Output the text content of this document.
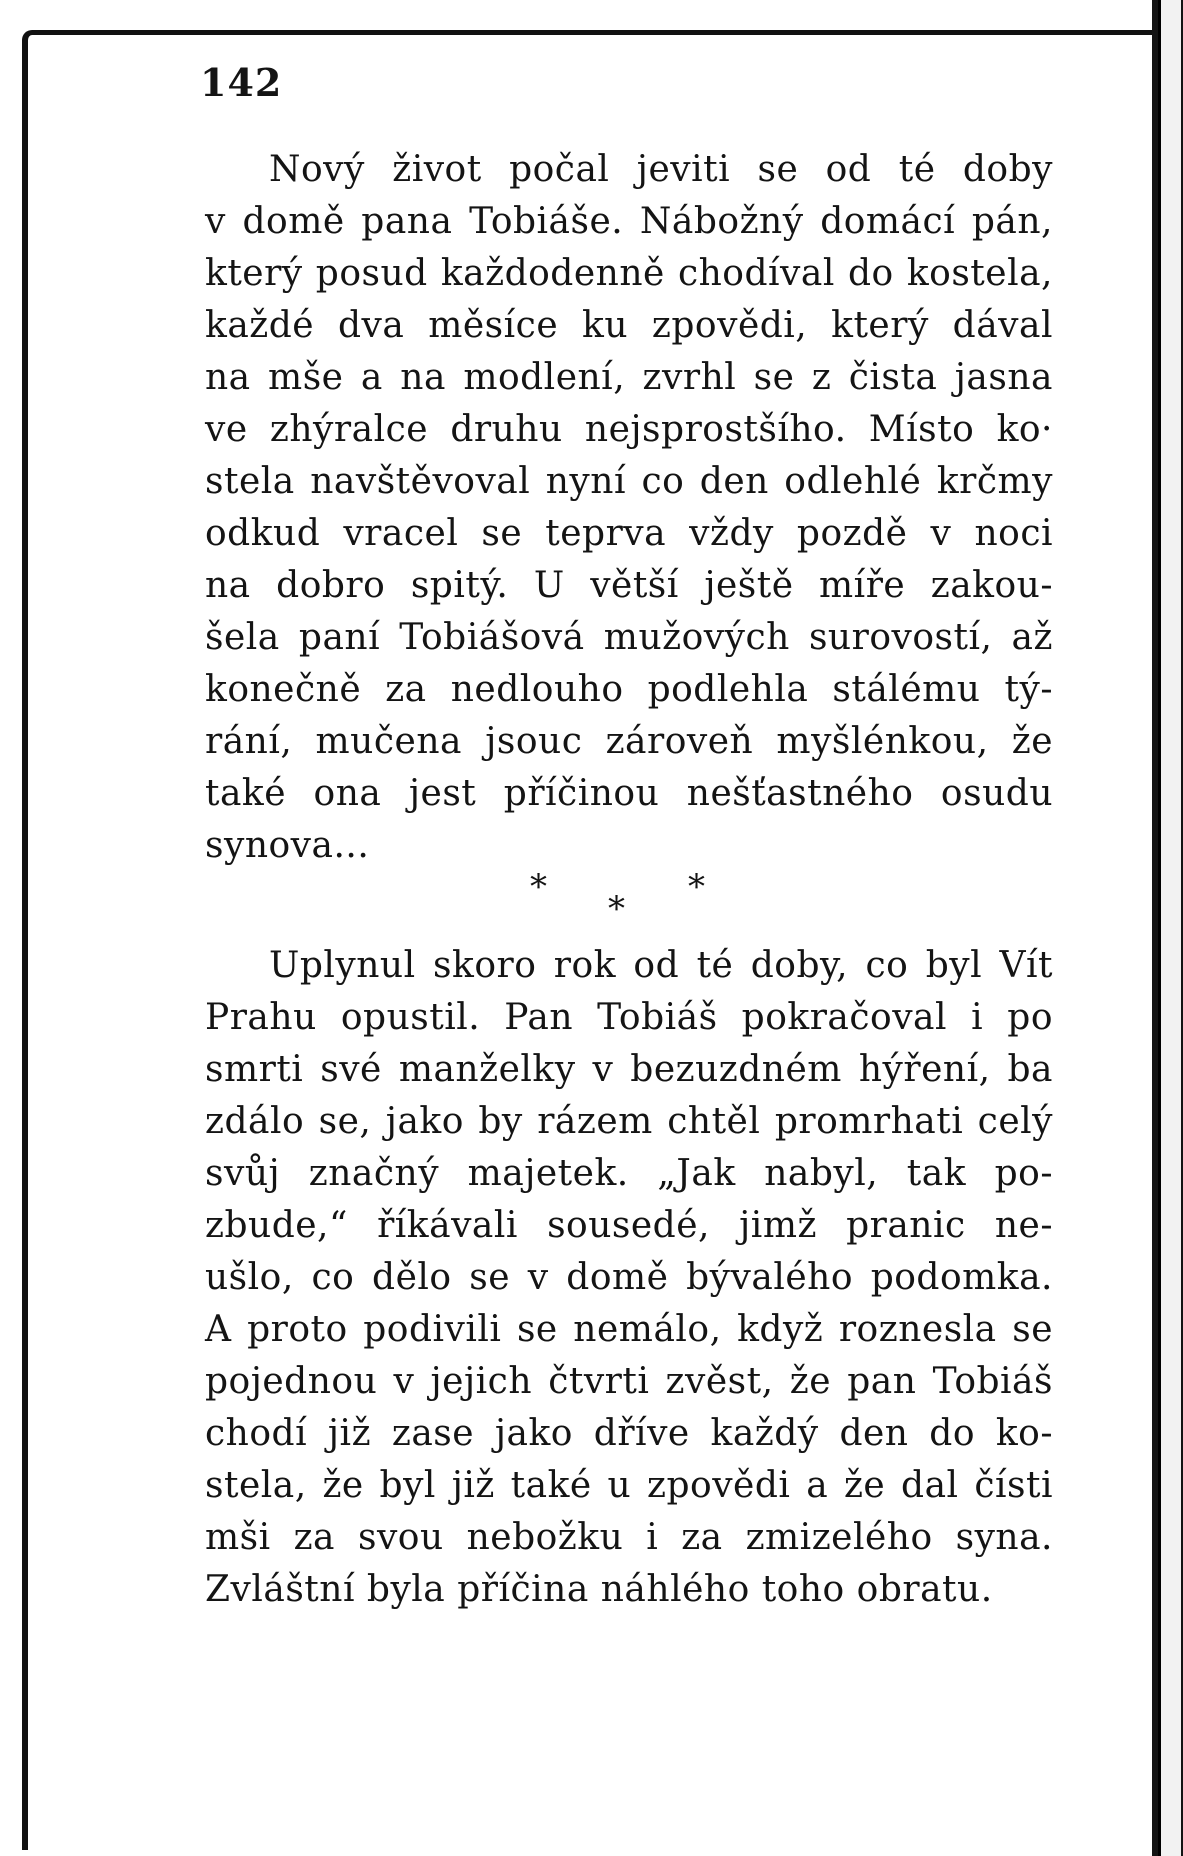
142
Nový život počal jeviti se od té doby
v domě pana Tobiáše. Nábožný domácí pán,
který posud každodenně chodíval do kostela,
každé dva měsíce ku zpovědi, který dával
na mše a na modlení, zvrhl se z čista jasna
ve zhýralce druhu nejsprostšího. Místo ko·
stela navštěvoval nyní co den odlehlé krčmy
odkud vracel se teprva vždy pozdě v noci
na dobro spitý. U větší ještě míře zakou-
šela paní Tobiášová mužových surovostí, až
konečně za nedlouho podlehla stálému tý-
rání, mučena jsouc zároveň myšlénkou, že
také ona jest příčinou nešťastného osudu
synova...
*
*
*
Uplynul skoro rok od té doby, co byl Vít
Prahu opustil. Pan Tobiáš pokračoval i po
smrti své manželky v bezuzdném hýření, ba
zdálo se, jako by rázem chtěl promrhati celý
svůj značný majetek. „Jak nabyl, tak po-
zbude,“ říkávali sousedé, jimž pranic ne-
ušlo, co dělo se v domě bývalého podomka.
A proto podivili se nemálo, když roznesla se
pojednou v jejich čtvrti zvěst, že pan Tobiáš
chodí již zase jako dříve každý den do ko-
stela, že byl již také u zpovědi a že dal čísti
mši za svou nebožku i za zmizelého syna.
Zvláštní byla příčina náhlého toho obratu.
